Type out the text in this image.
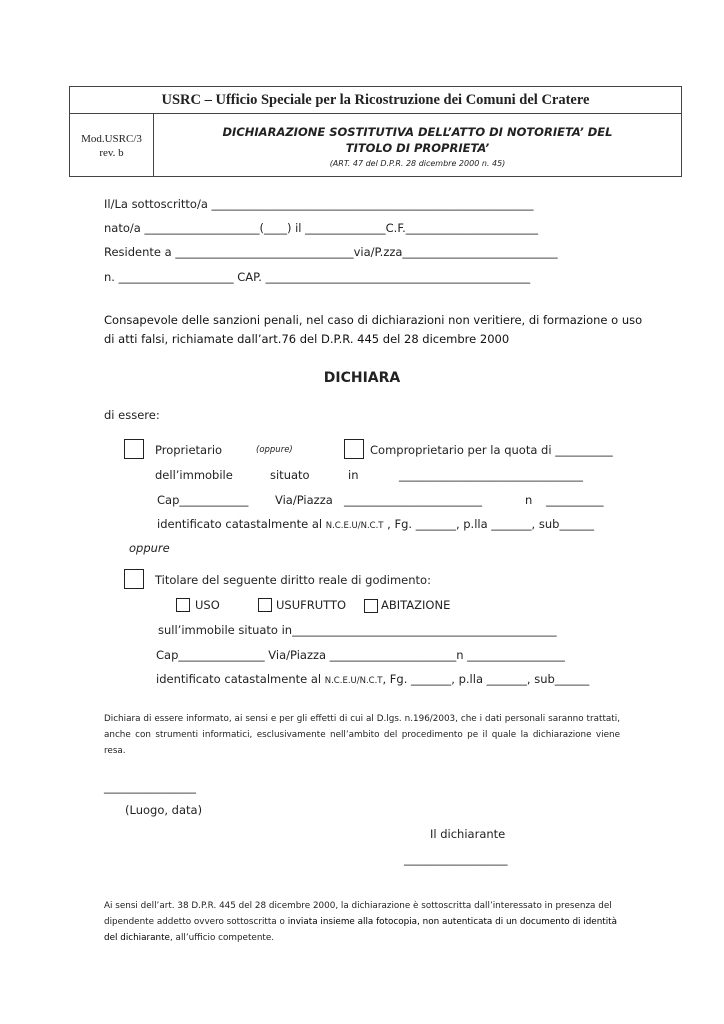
USRC – Ufficio Speciale per la Ricostruzione dei Comuni del Cratere
Mod.USRC/3
rev. b
DICHIARAZIONE SOSTITUTIVA DELL’ATTO DI NOTORIETA’ DEL
TITOLO DI PROPRIETA’
(ART. 47 del D.P.R. 28 dicembre 2000 n. 45)
Il/La sottoscritto/a ________________________________________________________
nato/a ____________________(____) il ______________C.F._______________________
Residente a _______________________________via/P.zza___________________________
n. ____________________ CAP. ______________________________________________
Consapevole delle sanzioni penali, nel caso di dichiarazioni non veritiere, di formazione o uso
di atti falsi, richiamate dall’art.76 del D.P.R. 445 del 28 dicembre 2000
DICHIARA
di essere:
Proprietario	(oppure)	Comproprietario per la quota di __________
dell’immobile	situato	in	________________________________
Cap____________ Via/Piazza ________________________	n __________
identificato catastalmente al N.C.E.U/N.C.T , Fg. _______, p.lla _______, sub______
oppure
Titolare del seguente diritto reale di godimento:
USO	USUFRUTTO	ABITAZIONE
sull’immobile situato in______________________________________________
Cap_______________ Via/Piazza ______________________n _________________
identificato catastalmente al N.C.E.U/N.C.T, Fg. _______, p.lla _______, sub______
Dichiara di essere informato, ai sensi e per gli effetti di cui al D.lgs. n.196/2003, che i dati personali saranno trattati, anche con strumenti informatici, esclusivamente nell’ambito del procedimento pe il quale la dichiarazione viene resa.
________________
(Luogo, data)
Il dichiarante
__________________
Ai sensi dell’art. 38 D.P.R. 445 del 28 dicembre 2000, la dichiarazione è sottoscritta dall’interessato in presenza del dipendente addetto ovvero sottoscritta o inviata insieme alla fotocopia, non autenticata di un documento di identità del dichiarante, all’ufficio competente.
